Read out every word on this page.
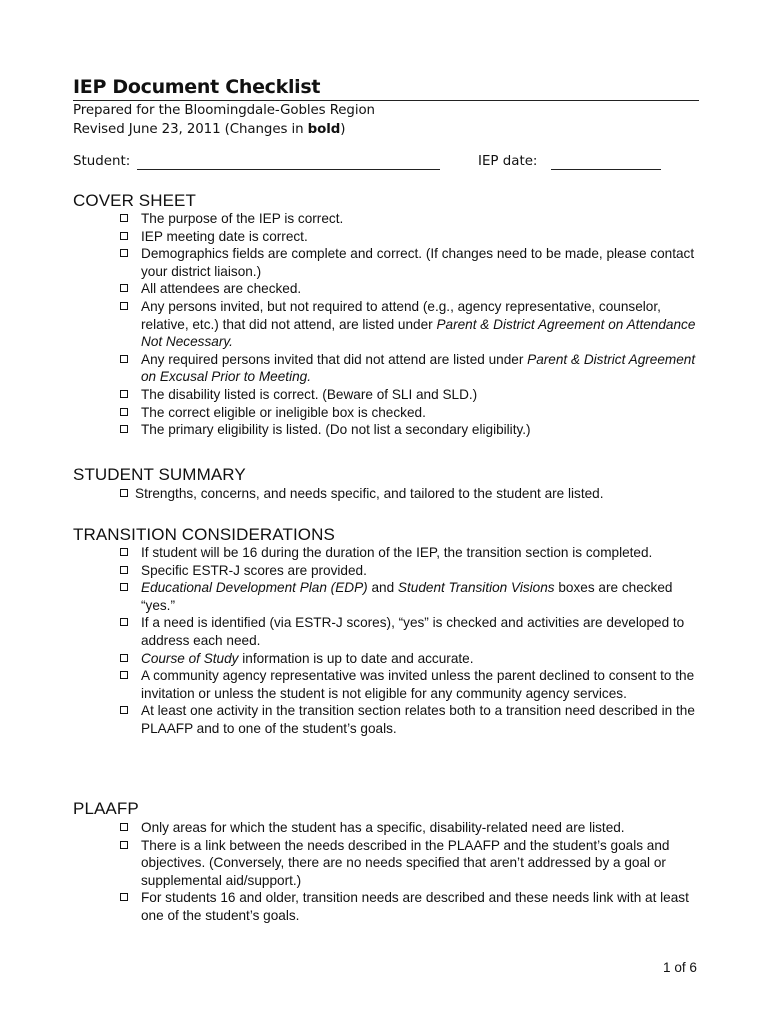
IEP Document Checklist
Prepared for the Bloomingdale-Gobles Region
Revised June 23, 2011 (Changes in bold)
Student:	IEP date:
COVER SHEET
The purpose of the IEP is correct.
IEP meeting date is correct.
Demographics fields are complete and correct. (If changes need to be made, please contact your district liaison.)
All attendees are checked.
Any persons invited, but not required to attend (e.g., agency representative, counselor, relative, etc.) that did not attend, are listed under Parent & District Agreement on Attendance Not Necessary.
Any required persons invited that did not attend are listed under Parent & District Agreement on Excusal Prior to Meeting.
The disability listed is correct. (Beware of SLI and SLD.)
The correct eligible or ineligible box is checked.
The primary eligibility is listed. (Do not list a secondary eligibility.)
STUDENT SUMMARY
Strengths, concerns, and needs specific, and tailored to the student are listed.
TRANSITION CONSIDERATIONS
If student will be 16 during the duration of the IEP, the transition section is completed.
Specific ESTR-J scores are provided.
Educational Development Plan (EDP) and Student Transition Visions boxes are checked “yes.”
If a need is identified (via ESTR-J scores), “yes” is checked and activities are developed to address each need.
Course of Study information is up to date and accurate.
A community agency representative was invited unless the parent declined to consent to the invitation or unless the student is not eligible for any community agency services.
At least one activity in the transition section relates both to a transition need described in the PLAAFP and to one of the student’s goals.
PLAAFP
Only areas for which the student has a specific, disability-related need are listed.
There is a link between the needs described in the PLAAFP and the student’s goals and objectives. (Conversely, there are no needs specified that aren’t addressed by a goal or supplemental aid/support.)
For students 16 and older, transition needs are described and these needs link with at least one of the student’s goals.
1 of 6
